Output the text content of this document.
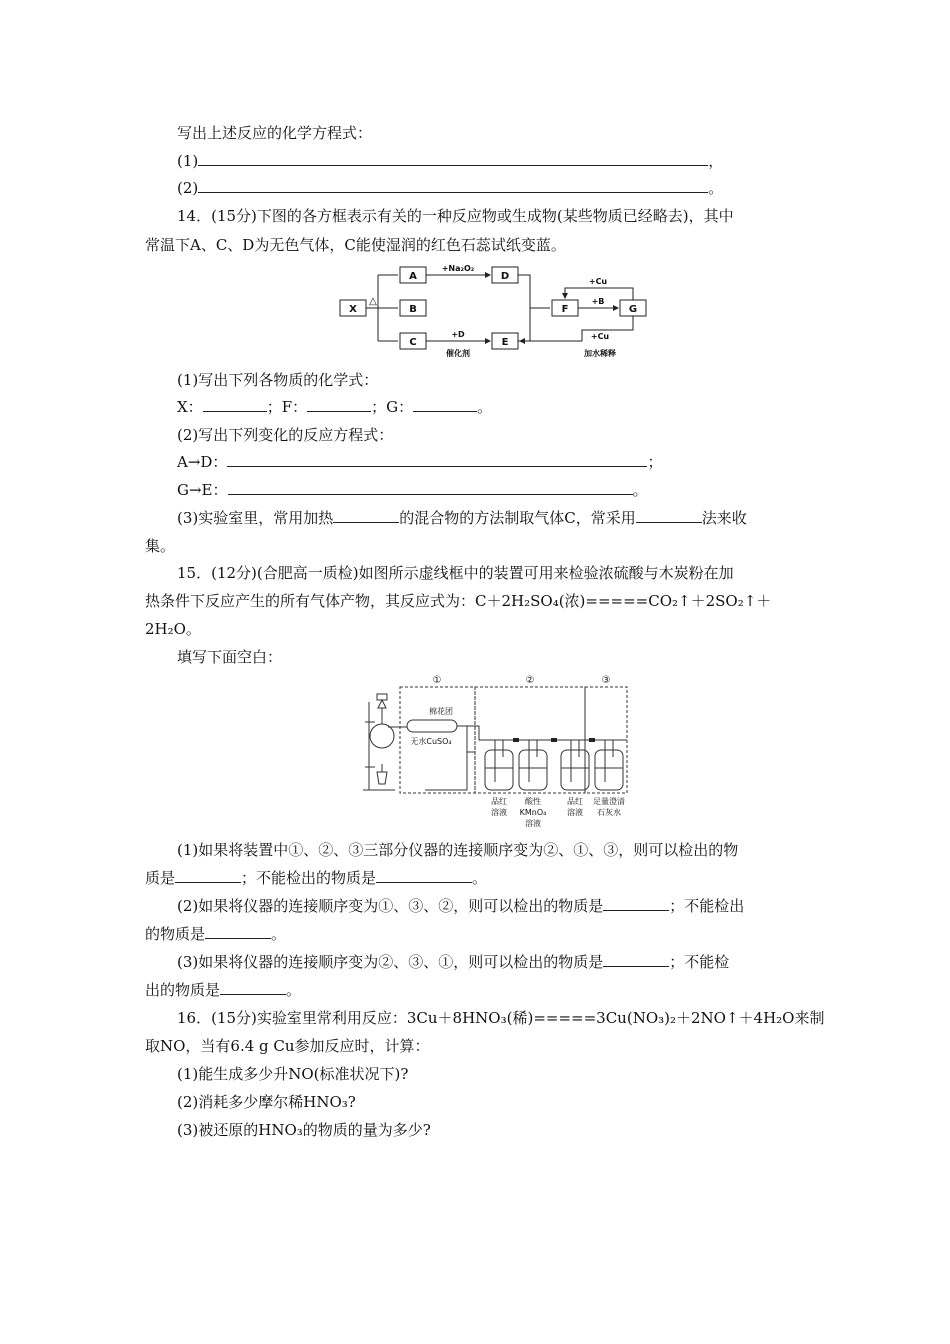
写出上述反应的化学方程式：
(1)	，
(2)	。
14．(15分)下图的各方框表示有关的一种反应物或生成物(某些物质已经略去)，其中
常温下A、C、D为无色气体，C能使湿润的红色石蕊试纸变蓝。
X
A
B
C
D
E
F	G
△
+Na₂O₂
+D
催化剂
+Cu
+B
+Cu
加水稀释
(1)写出下列各物质的化学式：
X：	；F：	；G：	。
(2)写出下列变化的反应方程式：
A→D：	；
G→E：	。
(3)实验室里，常用加热	的混合物的方法制取气体C，常采用	法来收
集。
15．(12分)(合肥高一质检)如图所示虚线框中的装置可用来检验浓硫酸与木炭粉在加
热条件下反应产生的所有气体产物，其反应式为：C＋2H₂SO₄(浓)=====CO₂↑＋2SO₂↑＋
2H₂O。
填写下面空白：
①	②	③
棉花团
无水CuSO₄
品红
溶液
酸性
KMnO₄
溶液
品红
溶液
足量澄清
石灰水
(1)如果将装置中①、②、③三部分仪器的连接顺序变为②、①、③，则可以检出的物
质是	；不能检出的物质是	。
(2)如果将仪器的连接顺序变为①、③、②，则可以检出的物质是	；不能检出
的物质是	。
(3)如果将仪器的连接顺序变为②、③、①，则可以检出的物质是	；不能检
出的物质是	。
16．(15分)实验室里常利用反应：3Cu＋8HNO₃(稀)=====3Cu(NO₃)₂＋2NO↑＋4H₂O来制
取NO，当有6.4 g Cu参加反应时，计算：
(1)能生成多少升NO(标准状况下)?
(2)消耗多少摩尔稀HNO₃?
(3)被还原的HNO₃的物质的量为多少?
